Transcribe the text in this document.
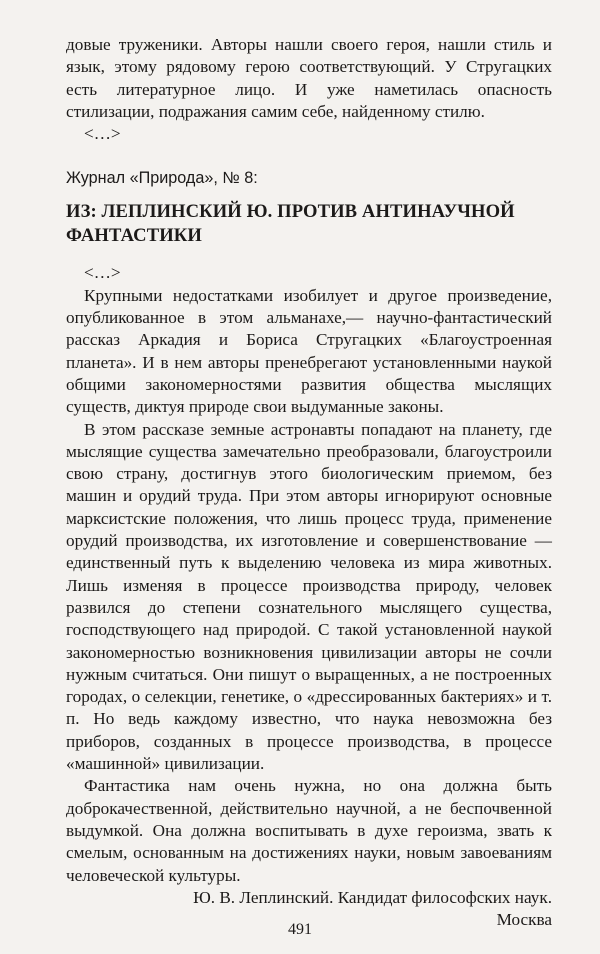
довые труженики. Авторы нашли своего героя, нашли стиль и язык, этому рядовому герою соответствующий. У Стругацких есть литературное лицо. И уже наметилась опасность стилизации, подражания самим себе, найденному стилю.

<…>

Журнал «Природа», № 8:

ИЗ: ЛЕПЛИНСКИЙ Ю. ПРОТИВ АНТИНАУЧНОЙ ФАНТАСТИКИ

<…>

Крупными недостатками изобилует и другое произведение, опубликованное в этом альманахе,— научно-фантастический рассказ Аркадия и Бориса Стругацких «Благоустроенная планета». И в нем авторы пренебрегают установленными наукой общими закономерностями развития общества мыслящих существ, диктуя природе свои выдуманные законы.

В этом рассказе земные астронавты попадают на планету, где мыслящие существа замечательно преобразовали, благоустроили свою страну, достигнув этого биологическим приемом, без машин и орудий труда. При этом авторы игнорируют основные марксистские положения, что лишь процесс труда, применение орудий производства, их изготовление и совершенствование — единственный путь к выделению человека из мира животных. Лишь изменяя в процессе производства природу, человек развился до степени сознательного мыслящего существа, господствующего над природой. С такой установленной наукой закономерностью возникновения цивилизации авторы не сочли нужным считаться. Они пишут о выращенных, а не построенных городах, о селекции, генетике, о «дрессированных бактериях» и т. п. Но ведь каждому известно, что наука невозможна без приборов, созданных в процессе производства, в процессе «машинной» цивилизации.

Фантастика нам очень нужна, но она должна быть доброкачественной, действительно научной, а не беспочвенной выдумкой. Она должна воспитывать в духе героизма, звать к смелым, основанным на достижениях науки, новым завоеваниям человеческой культуры.

Ю. В. Леплинский. Кандидат философских наук.

Москва

491
